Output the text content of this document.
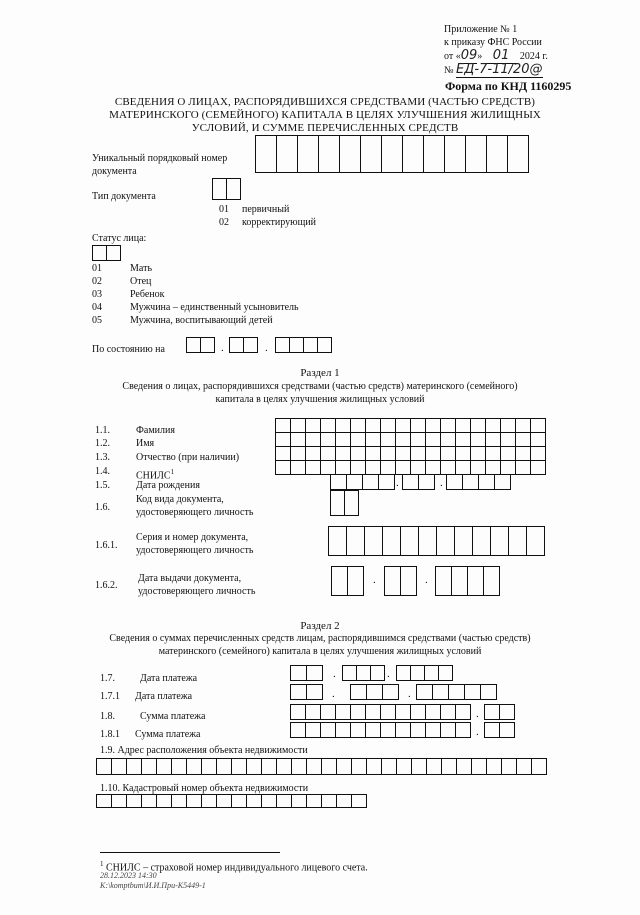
Приложение № 1
к приказу ФНС России
от «09» 01 2024 г.
№ ЕД-7-11/20@
Форма по КНД 1160295
СВЕДЕНИЯ О ЛИЦАХ, РАСПОРЯДИВШИХСЯ СРЕДСТВАМИ (ЧАСТЬЮ СРЕДСТВ)
МАТЕРИНСКОГО (СЕМЕЙНОГО) КАПИТАЛА В ЦЕЛЯХ УЛУЧШЕНИЯ ЖИЛИЩНЫХ
УСЛОВИЙ, И СУММЕ ПЕРЕЧИСЛЕННЫХ СРЕДСТВ
Уникальный порядковый номер
документа
Тип документа
01 первичный
02 корректирующий
Статус лица:
01	Мать
02	Отец
03	Ребенок
04	Мужчина – единственный усыновитель
05	Мужчина, воспитывающий детей
По состоянию на	.	.
Раздел 1
Сведения о лицах, распорядившихся средствами (частью средств) материнского (семейного)
капитала в целях улучшения жилищных условий
1.1.	Фамилия
1.2.	Имя
1.3.	Отчество (при наличии)
1.4.	СНИЛС$^1$
1.5.	Дата рождения
1.6.
Код вида документа,
удостоверяющего личность
1.6.1.
Серия и номер документа,
удостоверяющего личность
1.6.2.
Дата выдачи документа,
удостоверяющего личность
.	.
.	.
Раздел 2
Сведения о суммах перечисленных средств лицам, распорядившимся средствами (частью средств)
материнского (семейного) капитала в целях улучшения жилищных условий
1.7.	Дата платежа
1.7.1 Дата платежа
1.8.	Сумма платежа
1.8.1 Сумма платежа
.	.
.	.
.
.
1.9. Адрес расположения объекта недвижимости
1.10. Кадастровый номер объекта недвижимости
$^1$ СНИЛС – страховой номер индивидуального лицевого счета.
28.12.2023 14:30
К:\komptbum\И.И.Пpu-K5449-1
